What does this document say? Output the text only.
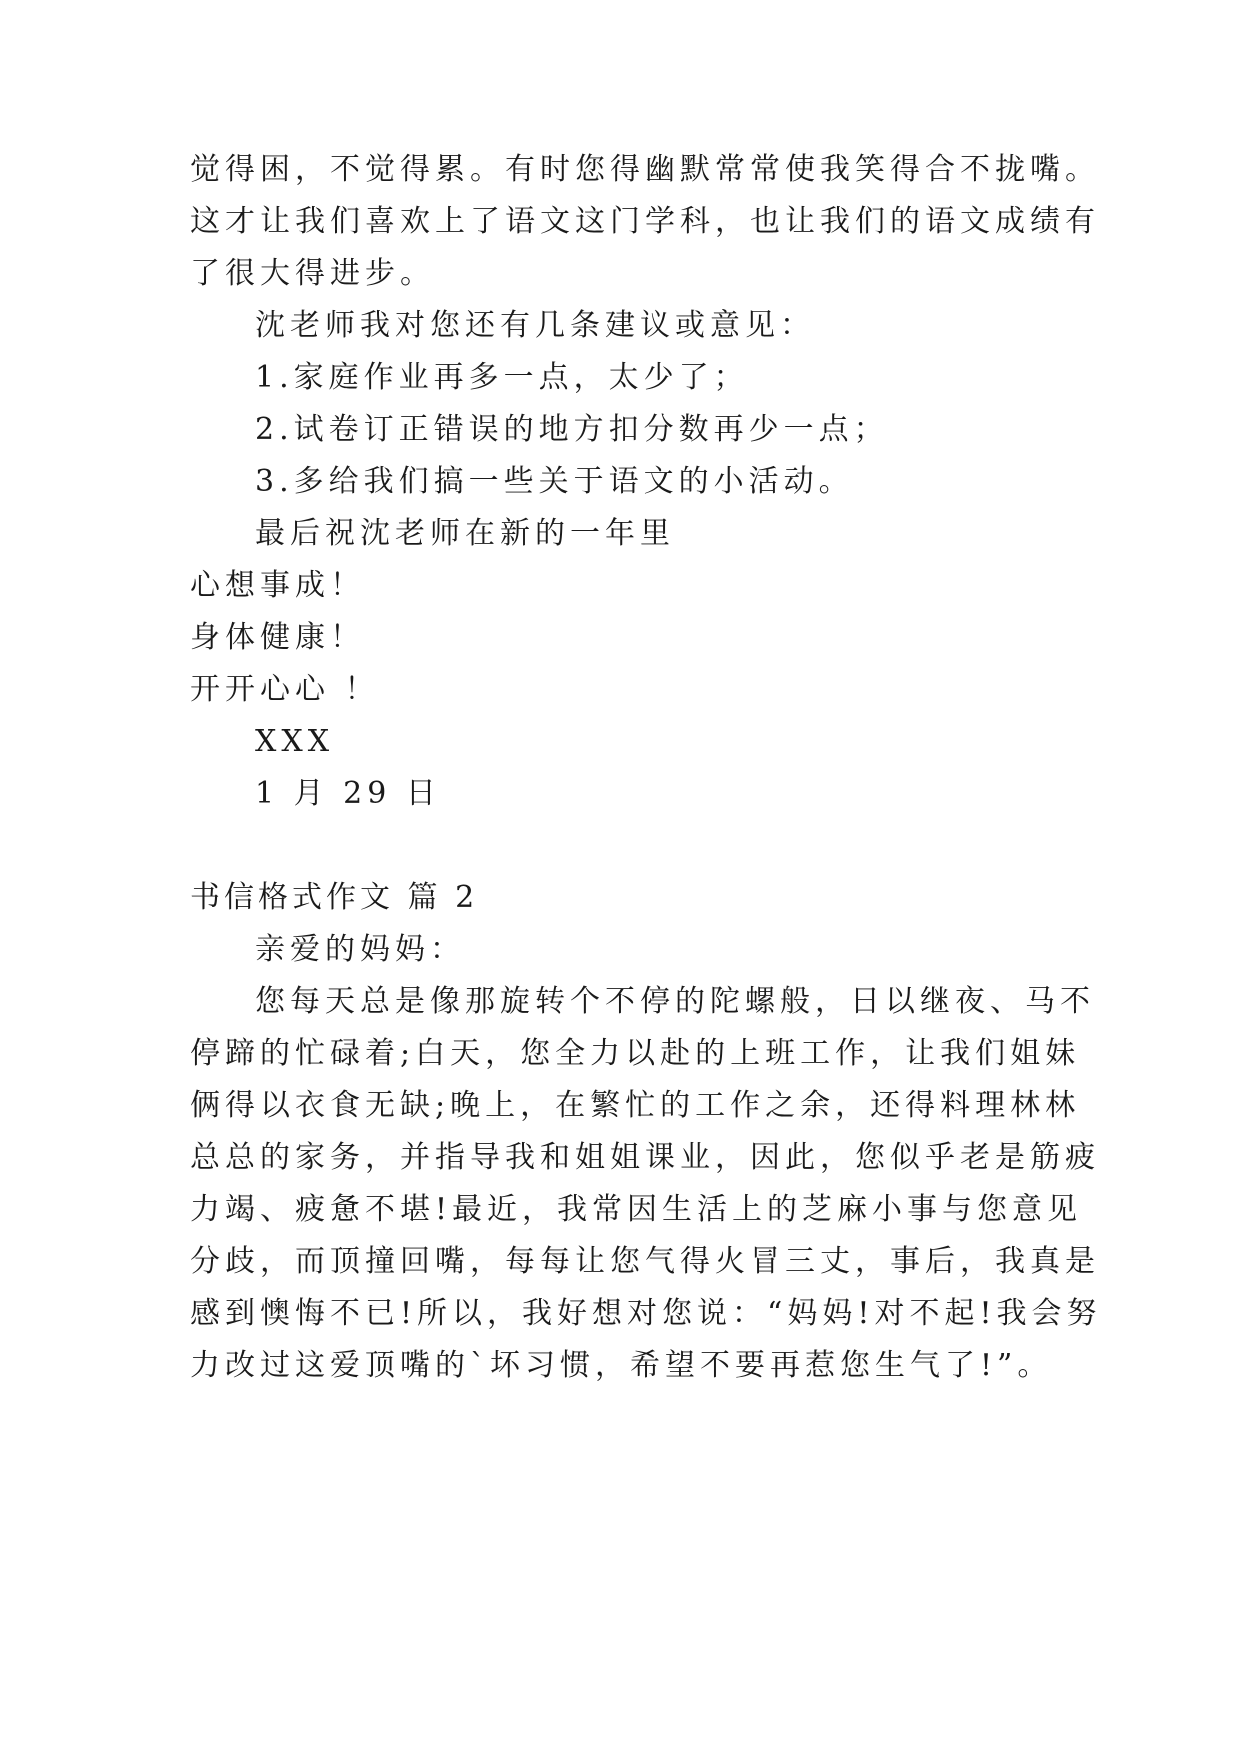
觉得困，不觉得累。有时您得幽默常常使我笑得合不拢嘴。
这才让我们喜欢上了语文这门学科，也让我们的语文成绩有
了很大得进步。
沈老师我对您还有几条建议或意见：
1.家庭作业再多一点，太少了；
2.试卷订正错误的地方扣分数再少一点；
3.多给我们搞一些关于语文的小活动。
最后祝沈老师在新的一年里
心想事成！
身体健康！
开开心心 ！
XXX
1 月 29 日
书信格式作文 篇 2
亲爱的妈妈：
您每天总是像那旋转个不停的陀螺般，日以继夜、马不
停蹄的忙碌着;白天，您全力以赴的上班工作，让我们姐妹
俩得以衣食无缺;晚上，在繁忙的工作之余，还得料理林林
总总的家务，并指导我和姐姐课业，因此，您似乎老是筋疲
力竭、疲惫不堪!最近，我常因生活上的芝麻小事与您意见
分歧，而顶撞回嘴，每每让您气得火冒三丈，事后，我真是
感到懊悔不已!所以，我好想对您说：“妈妈!对不起!我会努
力改过这爱顶嘴的`坏习惯，希望不要再惹您生气了!”。
